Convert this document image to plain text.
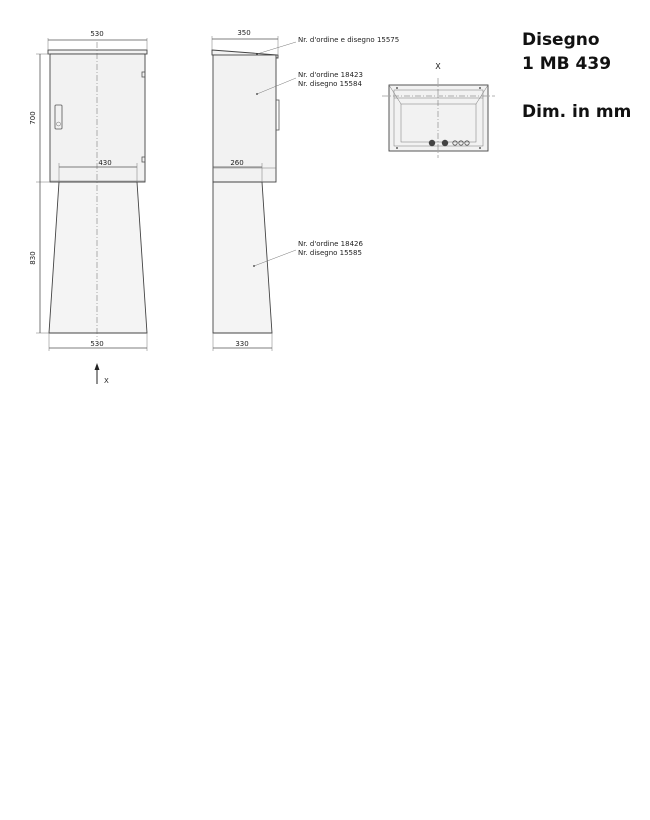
530
700
430
830
530
X
350
260
330
Nr. d'ordine e disegno 15575
Nr. d'ordine 18423
Nr. disegno 15584
Nr. d'ordine 18426
Nr. disegno 15585
X
Disegno
1 MB 439
Dim. in mm
